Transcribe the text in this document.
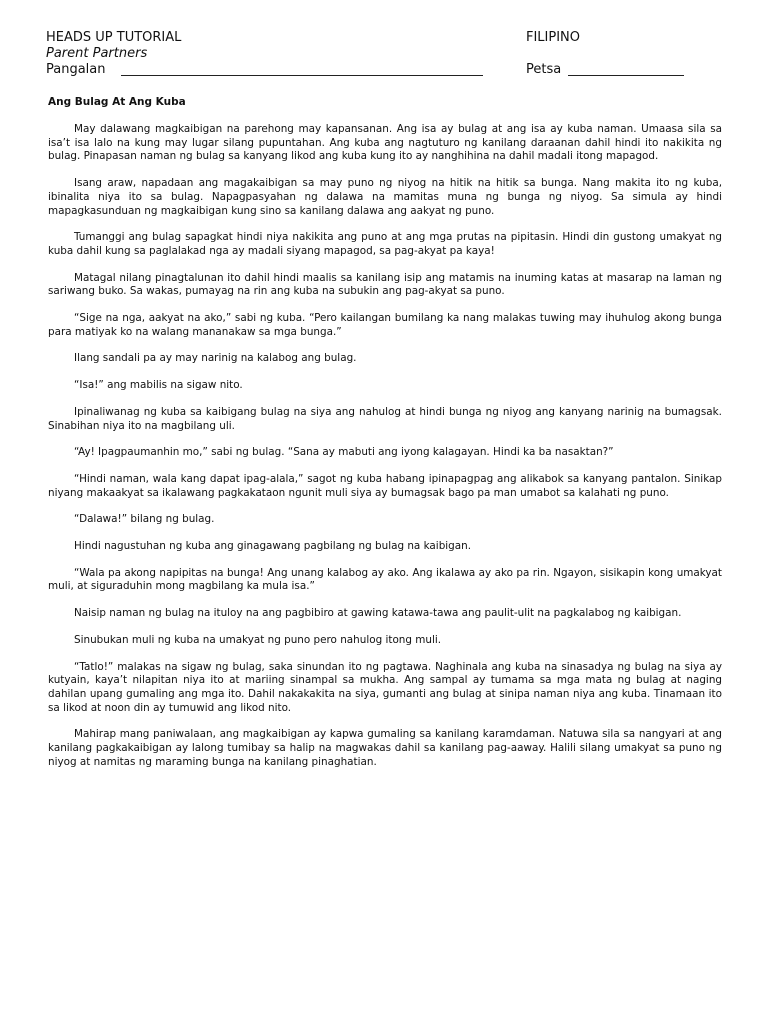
HEADS UP TUTORIAL
Parent Partners
FILIPINO
Pangalan	Petsa
Ang Bulag At Ang Kuba

May dalawang magkaibigan na parehong may kapansanan. Ang isa ay bulag at ang isa ay kuba naman. Umaasa sila sa isa’t isa lalo na kung may lugar silang pupuntahan. Ang kuba ang nagtuturo ng kanilang daraanan dahil hindi ito nakikita ng bulag. Pinapasan naman ng bulag sa kanyang likod ang kuba kung ito ay nanghihina na dahil madali itong mapagod.

Isang araw, napadaan ang magakaibigan sa may puno ng niyog na hitik na hitik sa bunga. Nang makita ito ng kuba, ibinalita niya ito sa bulag. Napagpasyahan ng dalawa na mamitas muna ng bunga ng niyog. Sa simula ay hindi mapagkasunduan ng magkaibigan kung sino sa kanilang dalawa ang aakyat ng puno.

Tumanggi ang bulag sapagkat hindi niya nakikita ang puno at ang mga prutas na pipitasin. Hindi din gustong umakyat ng kuba dahil kung sa paglalakad nga ay madali siyang mapagod, sa pag-akyat pa kaya!

Matagal nilang pinagtalunan ito dahil hindi maalis sa kanilang isip ang matamis na inuming katas at masarap na laman ng sariwang buko. Sa wakas, pumayag na rin ang kuba na subukin ang pag-akyat sa puno.

“Sige na nga, aakyat na ako,” sabi ng kuba. “Pero kailangan bumilang ka nang malakas tuwing may ihuhulog akong bunga para matiyak ko na walang mananakaw sa mga bunga.”

Ilang sandali pa ay may narinig na kalabog ang bulag.

“Isa!” ang mabilis na sigaw nito.

Ipinaliwanag ng kuba sa kaibigang bulag na siya ang nahulog at hindi bunga ng niyog ang kanyang narinig na bumagsak. Sinabihan niya ito na magbilang uli.

“Ay! Ipagpaumanhin mo,” sabi ng bulag. “Sana ay mabuti ang iyong kalagayan. Hindi ka ba nasaktan?”

“Hindi naman, wala kang dapat ipag-alala,” sagot ng kuba habang ipinapagpag ang alikabok sa kanyang pantalon. Sinikap niyang makaakyat sa ikalawang pagkakataon ngunit muli siya ay bumagsak bago pa man umabot sa kalahati ng puno.

“Dalawa!” bilang ng bulag.

Hindi nagustuhan ng kuba ang ginagawang pagbilang ng bulag na kaibigan.

“Wala pa akong napipitas na bunga! Ang unang kalabog ay ako. Ang ikalawa ay ako pa rin. Ngayon, sisikapin kong umakyat muli, at siguraduhin mong magbilang ka mula isa.”

Naisip naman ng bulag na ituloy na ang pagbibiro at gawing katawa-tawa ang paulit-ulit na pagkalabog ng kaibigan.

Sinubukan muli ng kuba na umakyat ng puno pero nahulog itong muli.

“Tatlo!” malakas na sigaw ng bulag, saka sinundan ito ng pagtawa. Naghinala ang kuba na sinasadya ng bulag na siya ay kutyain, kaya’t nilapitan niya ito at mariing sinampal sa mukha. Ang sampal ay tumama sa mga mata ng bulag at naging dahilan upang gumaling ang mga ito. Dahil nakakakita na siya, gumanti ang bulag at sinipa naman niya ang kuba. Tinamaan ito sa likod at noon din ay tumuwid ang likod nito.

Mahirap mang paniwalaan, ang magkaibigan ay kapwa gumaling sa kanilang karamdaman. Natuwa sila sa nangyari at ang kanilang pagkakaibigan ay lalong tumibay sa halip na magwakas dahil sa kanilang pag-aaway. Halili silang umakyat sa puno ng niyog at namitas ng maraming bunga na kanilang pinaghatian.
